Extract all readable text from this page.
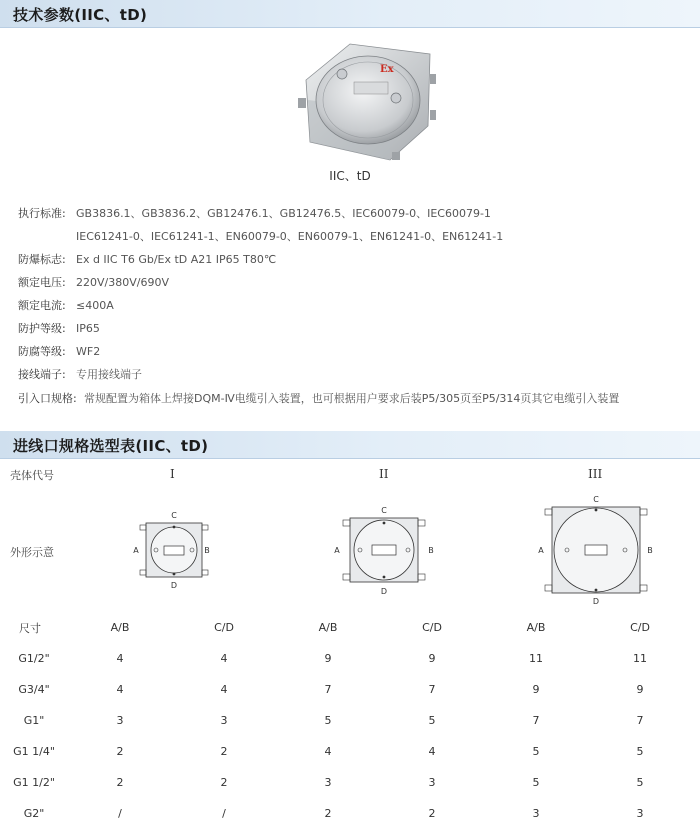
技术参数(IIC、tD)
Ex
IIC、tD
执行标准: GB3836.1、GB3836.2、GB12476.1、GB12476.5、IEC60079-0、IEC60079-1
IEC61241-0、IEC61241-1、EN60079-0、EN60079-1、EN61241-0、EN61241-1
防爆标志: Ex d IIC T6 Gb/Ex tD A21 IP65 T80℃
额定电压: 220V/380V/690V
额定电流: ≤400A
防护等级: IP65
防腐等级: WF2
接线端子: 专用接线端子
引入口规格: 常规配置为箱体上焊接DQM-Ⅳ电缆引入装置，也可根据用户要求后装P5/305页至P5/314页其它电缆引入装置
进线口规格选型表(IIC、tD)
壳体代号
外形示意
I	II	III
C
D
A	B
C
D
A	B
C
D
A	B
尺寸	A/B	C/D	A/B	C/D	A/B	C/D
G1/2"	4	4	9	9	11	11
G3/4"	4	4	7	7	9	9
G1"	3	3	5	5	7	7
G1 1/4"	2	2	4	4	5	5
G1 1/2"	2	2	3	3	5	5
G2"	/	/	2	2	3	3
